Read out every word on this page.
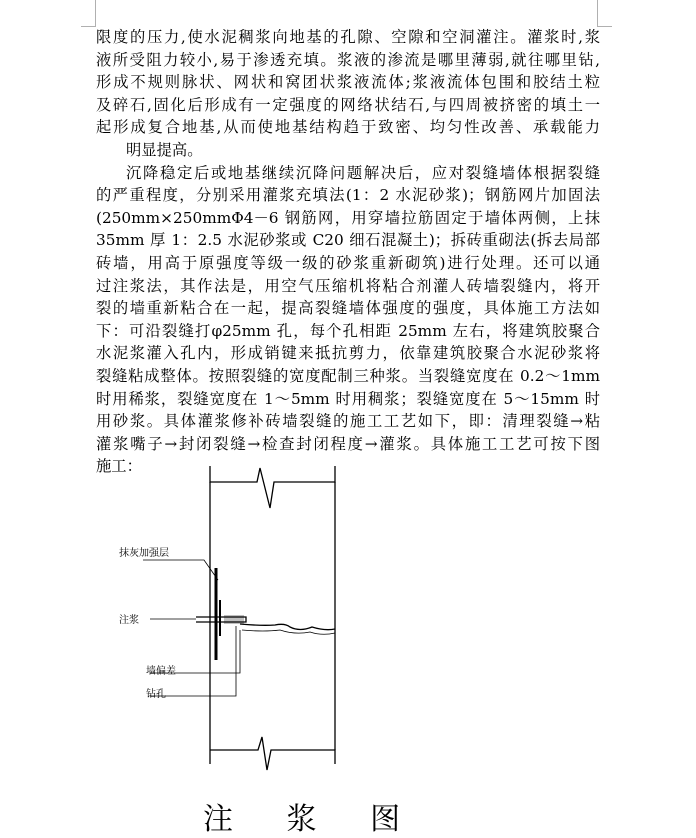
限度的压力,使水泥稠浆向地基的孔隙、空隙和空洞灌注。灌浆时,浆
液所受阻力较小,易于渗透充填。浆液的渗流是哪里薄弱,就往哪里钻,
形成不规则脉状、网状和窝团状浆液流体;浆液流体包围和胶结土粒
及碎石,固化后形成有一定强度的网络状结石,与四周被挤密的填土一
起形成复合地基,从而使地基结构趋于致密、均匀性改善、承载能力
明显提高。
沉降稳定后或地基继续沉降问题解决后，应对裂缝墙体根据裂缝
的严重程度，分别采用灌浆充填法(1：2 水泥砂浆)；钢筋网片加固法
(250mm×250mmΦ4－6 钢筋网，用穿墙拉筋固定于墙体两侧，上抹
35mm 厚 1：2.5 水泥砂浆或 C20 细石混凝土)；拆砖重砌法(拆去局部
砖墙，用高于原强度等级一级的砂浆重新砌筑)进行处理。还可以通
过注浆法，其作法是，用空气压缩机将粘合剂灌人砖墙裂缝内，将开
裂的墙重新粘合在一起，提高裂缝墙体强度的强度，具体施工方法如
下：可沿裂缝打φ25mm 孔，每个孔相距 25mm 左右，将建筑胶聚合
水泥浆灌入孔内，形成销键来抵抗剪力，依靠建筑胶聚合水泥砂浆将
裂缝粘成整体。按照裂缝的宽度配制三种浆。当裂缝宽度在 0.2～1mm
时用稀浆，裂缝宽度在 1～5mm 时用稠浆；裂缝宽度在 5～15mm 时
用砂浆。具体灌浆修补砖墙裂缝的施工工艺如下，即：清理裂缝→粘
灌浆嘴子→封闭裂缝→检查封闭程度→灌浆。具体施工工艺可按下图
施工：
抹灰加强层
注浆
墙偏差
钻孔
注 浆 图
